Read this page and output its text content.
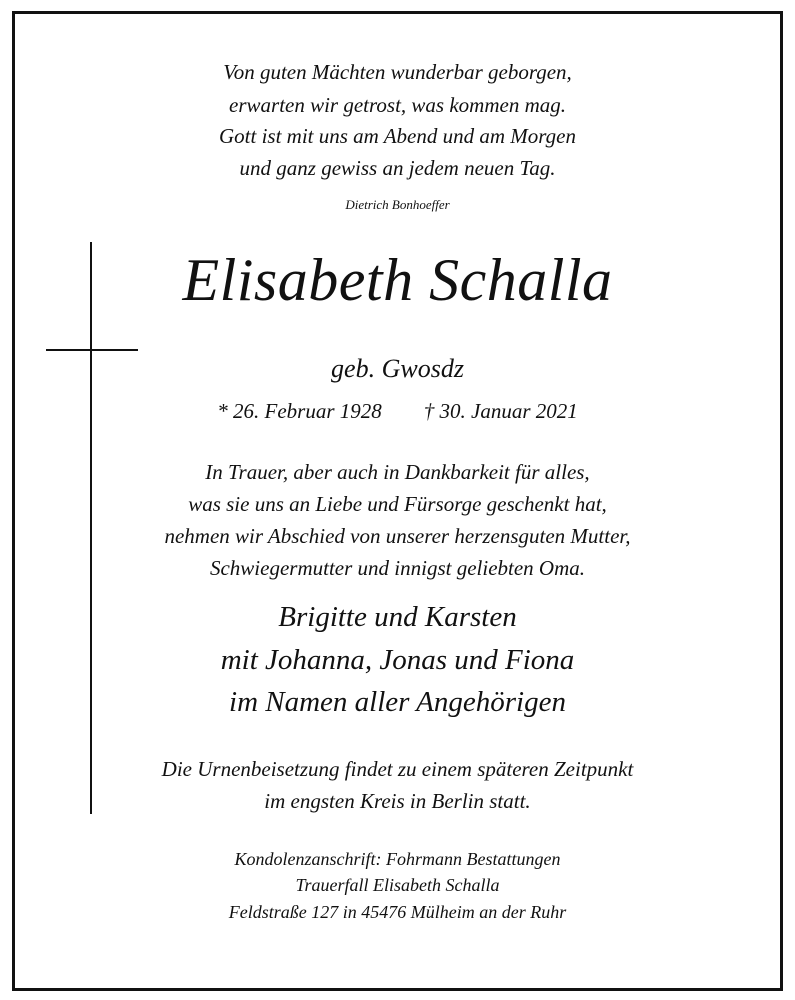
Von guten Mächten wunderbar geborgen,
erwarten wir getrost, was kommen mag.
Gott ist mit uns am Abend und am Morgen
und ganz gewiss an jedem neuen Tag.
Dietrich Bonhoeffer
Elisabeth Schalla
geb. Gwosdz
* 26. Februar 1928 † 30. Januar 2021
In Trauer, aber auch in Dankbarkeit für alles,
was sie uns an Liebe und Fürsorge geschenkt hat,
nehmen wir Abschied von unserer herzensguten Mutter,
Schwiegermutter und innigst geliebten Oma.
Brigitte und Karsten
mit Johanna, Jonas und Fiona
im Namen aller Angehörigen
Die Urnenbeisetzung findet zu einem späteren Zeitpunkt
im engsten Kreis in Berlin statt.
Kondolenzanschrift: Fohrmann Bestattungen
Trauerfall Elisabeth Schalla
Feldstraße 127 in 45476 Mülheim an der Ruhr
